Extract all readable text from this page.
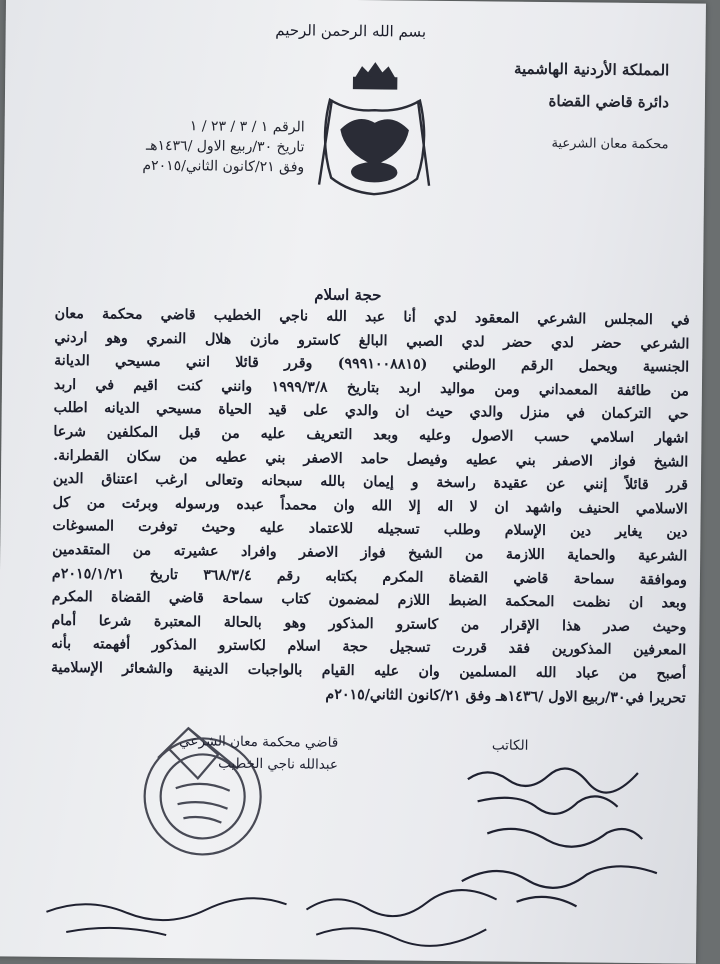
بسم الله الرحمن الرحيم
المملكة الأردنية الهاشمية
دائرة قاضي القضاة
محكمة معان الشرعية
الرقم ١ / ٣ / ٢٣ / ١
تاريخ ٣٠/ربيع الاول /١٤٣٦هـ
وفق ٢١/كانون الثاني/٢٠١٥م
حجة اسلام
في المجلس الشرعي المعقود لدي أنا عبد الله ناجي الخطيب قاضي محكمة معان
الشرعي حضر لدي حضر لدي الصبي البالغ كاسترو مازن هلال النمري وهو اردني
الجنسية ويحمل الرقم الوطني (٩٩٩١٠٠٨٨١٥) وقرر قائلا انني مسيحي الديانة
من طائفة المعمداني ومن مواليد اربد بتاريخ ١٩٩٩/٣/٨ وانني كنت اقيم في اربد
حي التركمان في منزل والدي حيث ان والدي على قيد الحياة مسيحي الديانه اطلب
اشهار اسلامي حسب الاصول وعليه وبعد التعريف عليه من قبل المكلفين شرعا
الشيخ فواز الاصفر بني عطيه وفيصل حامد الاصفر بني عطيه من سكان القطرانة.
قرر قائلاً إنني عن عقيدة راسخة و إيمان بالله سبحانه وتعالى ارغب اعتناق الدين
الاسلامي الحنيف واشهد ان لا اله إلا الله وان محمداً عبده ورسوله وبرئت من كل
دين يغاير دين الإسلام وطلب تسجيله للاعتماد عليه وحيث توفرت المسوغات
الشرعية والحماية اللازمة من الشيخ فواز الاصفر وافراد عشيرته من المتقدمين
وموافقة سماحة قاضي القضاة المكرم بكتابه رقم ٣٦٨/٣/٤ تاريخ ٢٠١٥/١/٢١م
وبعد ان نظمت المحكمة الضبط اللازم لمضمون كتاب سماحة قاضي القضاة المكرم
وحيث صدر هذا الإقرار من كاسترو المذكور وهو بالحالة المعتبرة شرعا أمام
المعرفين المذكورين فقد قررت تسجيل حجة اسلام لكاسترو المذكور أفهمته بأنه
أصبح من عباد الله المسلمين وان عليه القيام بالواجبات الدينية والشعائر الإسلامية
تحريرا في٣٠/ربيع الاول /١٤٣٦هـ وفق ٢١/كانون الثاني/٢٠١٥م
قاضي محكمة معان الشرعي
عبدالله ناجي الخطيب
الكاتب
